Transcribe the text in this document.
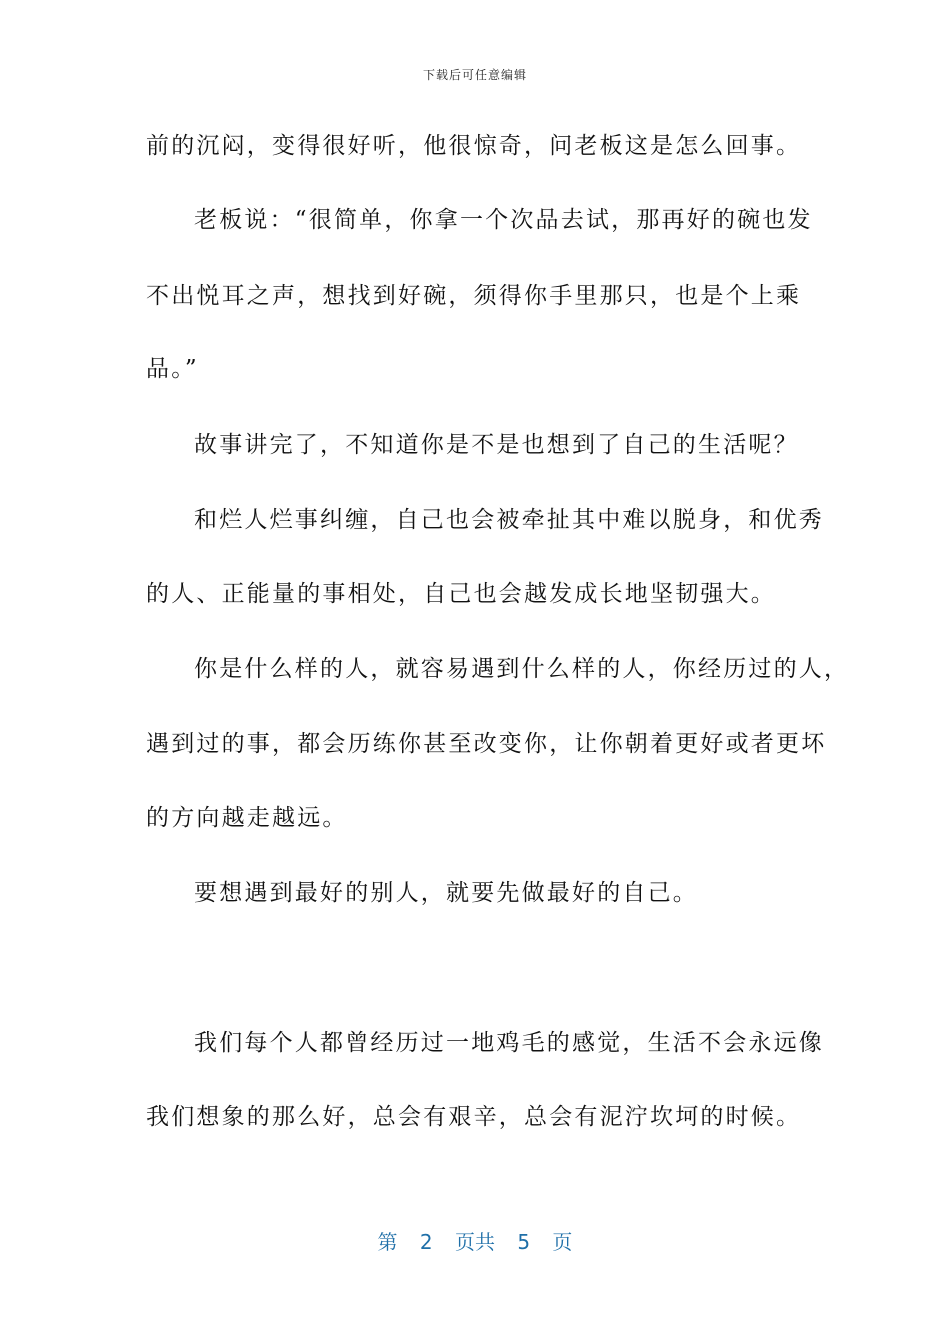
下载后可任意编辑
前的沉闷，变得很好听，他很惊奇，问老板这是怎么回事。
老板说：“很简单，你拿一个次品去试，那再好的碗也发
不出悦耳之声，想找到好碗，须得你手里那只，也是个上乘
品。”
故事讲完了，不知道你是不是也想到了自己的生活呢？
和烂人烂事纠缠，自己也会被牵扯其中难以脱身，和优秀
的人、正能量的事相处，自己也会越发成长地坚韧强大。
你是什么样的人，就容易遇到什么样的人，你经历过的人，
遇到过的事，都会历练你甚至改变你，让你朝着更好或者更坏
的方向越走越远。
要想遇到最好的别人，就要先做最好的自己。
我们每个人都曾经历过一地鸡毛的感觉，生活不会永远像
我们想象的那么好，总会有艰辛，总会有泥泞坎坷的时候。
第 2 页共 5 页
